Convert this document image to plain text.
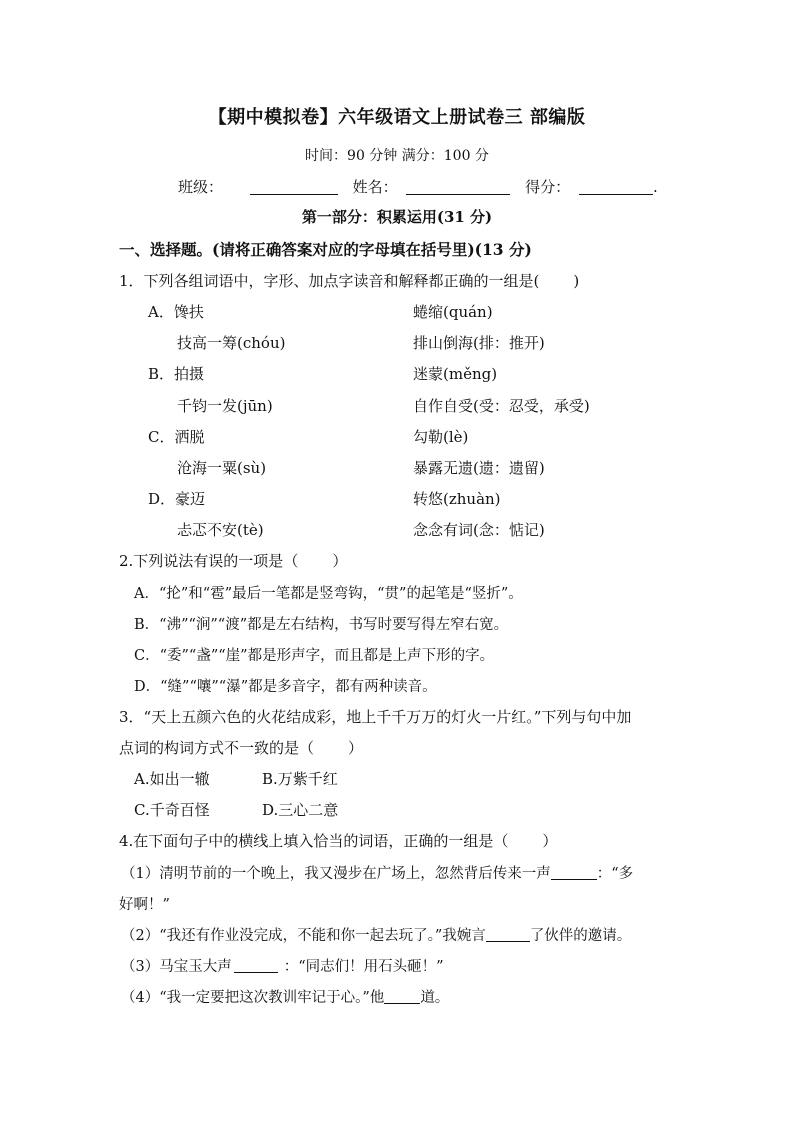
【期中模拟卷】六年级语文上册试卷三 部编版
时间：90 分钟 满分：100 分
班级：	姓名：	得分：	.
第一部分：积累运用(31 分)
一、选择题。(请将正确答案对应的字母填在括号里)(13 分)
1．下列各组词语中，字形、加点字读音和解释都正确的一组是( )
A．馋扶	蜷缩(quán)
技高一筹(chóu)	排山倒海(排：推开)
B．拍摄	迷蒙(měng)
千钧一发(jūn)	自作自受(受：忍受，承受)
C．洒脱	勾勒(lè)
沧海一粟(sù)	暴露无遗(遗：遗留)
D．豪迈	转悠(zhuàn)
忐忑不安(tè)	念念有词(念：惦记)
2.下列说法有误的一项是（ ）
A．“抡”和“雹”最后一笔都是竖弯钩，“贯”的起笔是“竖折”。
B．“沸”“涧”“渡”都是左右结构，书写时要写得左窄右宽。
C．“委”“盏”“崖”都是形声字，而且都是上声下形的字。
D．“缝”“嚷”“瀑”都是多音字，都有两种读音。
3．“天上五颜六色的火花结成彩，地上千千万万的灯火一片红。”下列与句中加
点词的构词方式不一致的是（ ）
A.如出一辙	B.万紫千红
C.千奇百怪	D.三心二意
4.在下面句子中的横线上填入恰当的词语，正确的一组是（ ）
（1）清明节前的一个晚上，我又漫步在广场上，忽然背后传来一声	：“多
好啊！”
（2）“我还有作业没完成，不能和你一起去玩了。”我婉言	了伙伴的邀请。
（3）马宝玉大声	：“同志们！用石头砸！”
（4）“我一定要把这次教训牢记于心。”他 道。
